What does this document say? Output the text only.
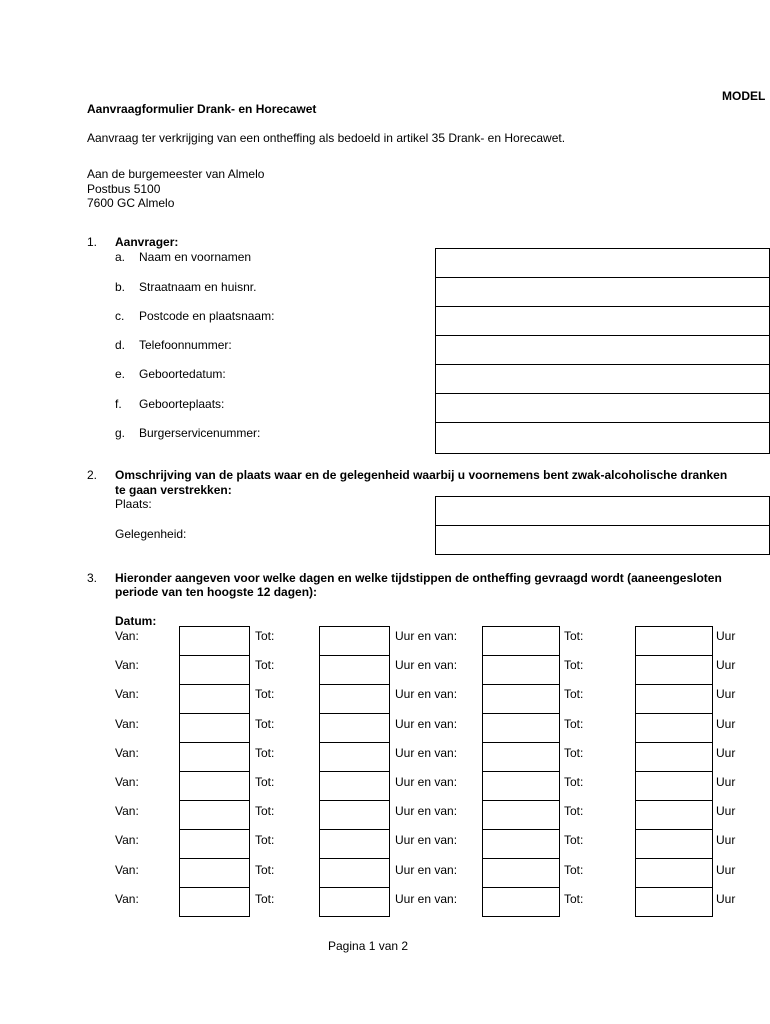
MODEL
Aanvraagformulier Drank- en Horecawet
Aanvraag ter verkrijging van een ontheffing als bedoeld in artikel 35 Drank- en Horecawet.
Aan de burgemeester van Almelo
Postbus 5100
7600 GC Almelo
1. Aanvrager:
a. Naam en voornamen
b. Straatnaam en huisnr.
c. Postcode en plaatsnaam:
d. Telefoonnummer:
e. Geboortedatum:
f. Geboorteplaats:
g. Burgerservicenummer:
2. Omschrijving van de plaats waar en de gelegenheid waarbij u voornemens bent zwak-alcoholische dranken
te gaan verstrekken:
Plaats:
Gelegenheid:
3. Hieronder aangeven voor welke dagen en welke tijdstippen de ontheffing gevraagd wordt (aaneengesloten
periode van ten hoogste 12 dagen):
Datum:
Van:	Tot:	Uur en van:	Tot:	Uur
Van:	Tot:	Uur en van:	Tot:	Uur
Van:	Tot:	Uur en van:	Tot:	Uur
Van:	Tot:	Uur en van:	Tot:	Uur
Van:	Tot:	Uur en van:	Tot:	Uur
Van:	Tot:	Uur en van:	Tot:	Uur
Van:	Tot:	Uur en van:	Tot:	Uur
Van:	Tot:	Uur en van:	Tot:	Uur
Van:	Tot:	Uur en van:	Tot:	Uur
Van:	Tot:	Uur en van:	Tot:	Uur
Pagina 1 van 2
